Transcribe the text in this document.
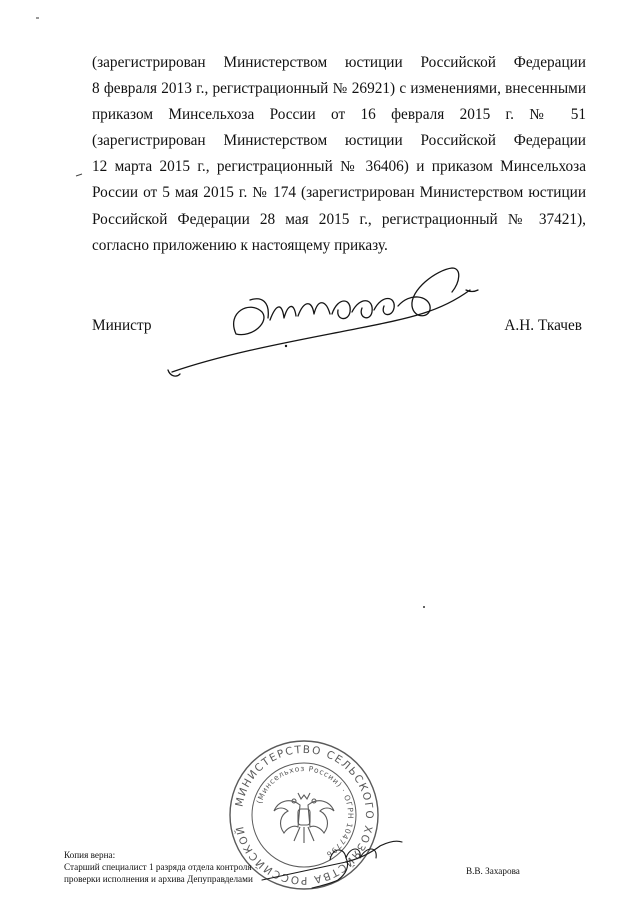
(зарегистрирован Министерством юстиции Российской Федерации
8 февраля 2013 г., регистрационный № 26921) с изменениями, внесенными
приказом Минсельхоза России от 16 февраля 2015 г. № 51
(зарегистрирован Министерством юстиции Российской Федерации
12 марта 2015 г., регистрационный № 36406) и приказом Минсельхоза
России от 5 мая 2015 г. № 174 (зарегистрирован Министерством юстиции
Российской Федерации 28 мая 2015 г., регистрационный № 37421),
согласно приложению к настоящему приказу.
Министр	А.Н. Ткачев
МИНИСТЕРСТВО СЕЛЬСКОГО ХОЗЯЙСТВА РОССИЙСКОЙ
(Минсельхоз России) · ОГРН 1047796
Копия верна:
Старший специалист 1 разряда отдела контроля
проверки исполнения и архива Депуправделами
В.В. Захарова
